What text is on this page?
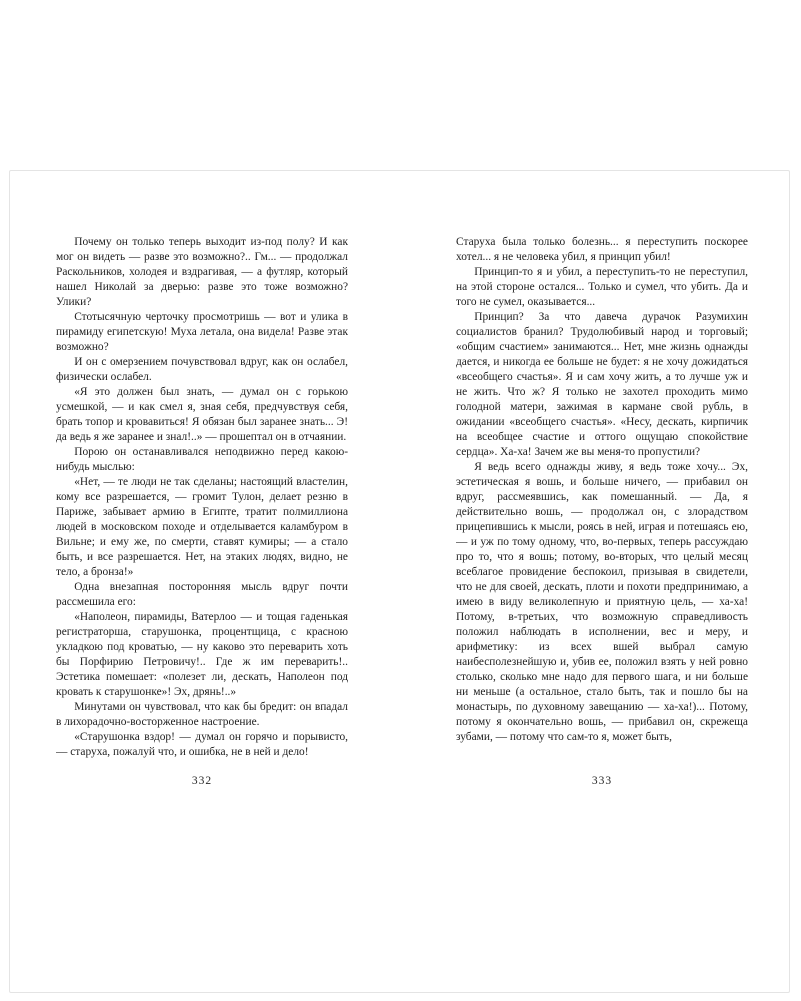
Почему он только теперь выходит из-под полу? И как мог он видеть — разве это возможно?.. Гм... — продолжал Раскольников, холодея и вздрагивая, — а футляр, который нашел Николай за дверью: разве это тоже возможно? Улики?

Стотысячную черточку просмотришь — вот и улика в пирамиду египетскую! Муха летала, она видела! Разве этак возможно?

И он с омерзением почувствовал вдруг, как он ослабел, физически ослабел.

«Я это должен был знать, — думал он с горькою усмешкой, — и как смел я, зная себя, предчувствуя себя, брать топор и кровавиться! Я обязан был заранее знать... Э! да ведь я же заранее и знал!..» — прошептал он в отчаянии.

Порою он останавливался неподвижно перед какою-нибудь мыслью:

«Нет, — те люди не так сделаны; настоящий властелин, кому все разрешается, — громит Тулон, делает резню в Париже, забывает армию в Египте, тратит полмиллиона людей в московском походе и отделывается каламбуром в Вильне; и ему же, по смерти, ставят кумиры; — а стало быть, и все разрешается. Нет, на этаких людях, видно, не тело, а бронза!»

Одна внезапная посторонняя мысль вдруг почти рассмешила его:

«Наполеон, пирамиды, Ватерлоо — и тощая гаденькая регистраторша, старушонка, процентщица, с красною укладкою под кроватью, — ну каково это переварить хоть бы Порфирию Петровичу!.. Где ж им переварить!.. Эстетика помешает: «полезет ли, дескать, Наполеон под кровать к старушонке»! Эх, дрянь!..»

Минутами он чувствовал, что как бы бредит: он впадал в лихорадочно-восторженное настроение.

«Старушонка вздор! — думал он горячо и порывисто, — старуха, пожалуй что, и ошибка, не в ней и дело!

332

Старуха была только болезнь... я переступить поскорее хотел... я не человека убил, я принцип убил!

Принцип-то я и убил, а переступить-то не переступил, на этой стороне остался... Только и сумел, что убить. Да и того не сумел, оказывается...

Принцип? За что давеча дурачок Разумихин социалистов бранил? Трудолюбивый народ и торговый; «общим счастием» занимаются... Нет, мне жизнь однажды дается, и никогда ее больше не будет: я не хочу дожидаться «всеобщего счастья». Я и сам хочу жить, а то лучше уж и не жить. Что ж? Я только не захотел проходить мимо голодной матери, зажимая в кармане свой рубль, в ожидании «всеобщего счастья». «Несу, дескать, кирпичик на всеобщее счастие и оттого ощущаю спокойствие сердца». Ха-ха! Зачем же вы меня-то пропустили?

Я ведь всего однажды живу, я ведь тоже хочу... Эх, эстетическая я вошь, и больше ничего, — прибавил он вдруг, рассмеявшись, как помешанный. — Да, я действительно вошь, — продолжал он, с злорадством прицепившись к мысли, роясь в ней, играя и потешаясь ею, — и уж по тому одному, что, во-первых, теперь рассуждаю про то, что я вошь; потому, во-вторых, что целый месяц всеблагое провидение беспокоил, призывая в свидетели, что не для своей, дескать, плоти и похоти предпринимаю, а имею в виду великолепную и приятную цель, — ха-ха! Потому, в-третьих, что возможную справедливость положил наблюдать в исполнении, вес и меру, и арифметику: из всех вшей выбрал самую наибесполезнейшую и, убив ее, положил взять у ней ровно столько, сколько мне надо для первого шага, и ни больше ни меньше (а остальное, стало быть, так и пошло бы на монастырь, по духовному завещанию — ха-ха!)... Потому, потому я окончательно вошь, — прибавил он, скрежеща зубами, — потому что сам-то я, может быть,

333
